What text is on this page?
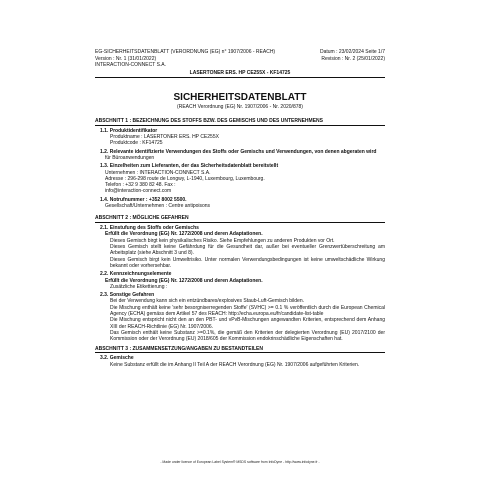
EG-SICHERHEITSDATENBLATT (VERORDNUNG (EG) n° 1907/2006 - REACH)
Version : Nr. 1 (31/01/2022)
INTERACTION-CONNECT S.A.
Datum : 23/02/2024 Seite 1/7
Revision : Nr. 2 (25/01/2022)
LASERTONER ERS. HP CE255X - KF14725
SICHERHEITSDATENBLATT
(REACH Verordnung (EG) Nr. 1907/2006 - Nr. 2020/878)
ABSCHNITT 1 : BEZEICHNUNG DES STOFFS BZW. DES GEMISCHS UND DES UNTERNEHMENS
1.1. Produktidentifikator
Produktname : LASERTONER ERS. HP CE255X
Produktcode : KF14725
1.2. Relevante identifizierte Verwendungen des Stoffs oder Gemischs und Verwendungen, von denen abgeraten wird
für Büroanwendungen
1.3. Einzelheiten zum Lieferanten, der das Sicherheitsdatenblatt bereitstellt
Unternehmen : INTERACTION-CONNECT S.A.
Adresse : 296-298 route de Longwy, L-1940, Luxembourg, Luxembourg.
Telefon : +32 9 380 82 48. Fax :
info@interaction-connect.com
1.4. Notrufnummer : +352 8002 5500.
Gesellschaft/Unternehmen : Centre antipoisons
ABSCHNITT 2 : MÖGLICHE GEFAHREN
2.1. Einstufung des Stoffs oder Gemischs
Erfüllt die Verordnung (EG) Nr. 1272/2008 und deren Adaptationen.
Dieses Gemisch birgt kein physikalisches Risiko. Siehe Empfehlungen zu anderen Produkten vor Ort.
Dieses Gemisch stellt keine Gefährdung für die Gesundheit dar, außer bei eventueller Grenzwertüberschreitung am Arbeitsplatz (siehe Abschnitt 3 und 8).
Dieses Gemisch birgt kein Umweltrisiko. Unter normalen Verwendungsbedingungen ist keine umweltschädliche Wirkung bekannt oder vorhersehbar.
2.2. Kennzeichnungselemente
Erfüllt die Verordnung (EG) Nr. 1272/2008 und deren Adaptationen.
Zusätzliche Etikettierung :
2.3. Sonstige Gefahren
Bei der Verwendung kann sich ein entzündbares/explosives Staub-Luft-Gemisch bilden.
Die Mischung enthält keine 'sehr besorgniserregenden Stoffe' (SVHC) >= 0.1 % veröffentlich durch die European Chemical Agency (ECHA) gemäss dem Artikel 57 des REACH: http://echa.europa.eu/fr/candidate-list-table
Die Mischung entspricht nicht den an den PBT- und vPvB-Mischungen angewandten Kriterien, entsprechend dem Anhang XIII der REACH-Richtlinie (EG) Nr. 1907/2006.
Das Gemisch enthält keine Substanz >=0.1%, die gemäß den Kriterien der delegierten Verordnung (EU) 2017/2100 der Kommission oder der Verordnung (EU) 2018/605 der Kommission endokrinschädliche Eigenschaften hat.
ABSCHNITT 3 : ZUSAMMENSETZUNG/ANGABEN ZU BESTANDTEILEN
3.2. Gemische
Keine Substanz erfüllt die im Anhang II Teil A der REACH Verordnung (EG) Nr. 1907/2006 aufgeführten Kriterien.
- Made under licence of European Label System® MSDS software from InfoDyne - http://www.infodyne.fr -
